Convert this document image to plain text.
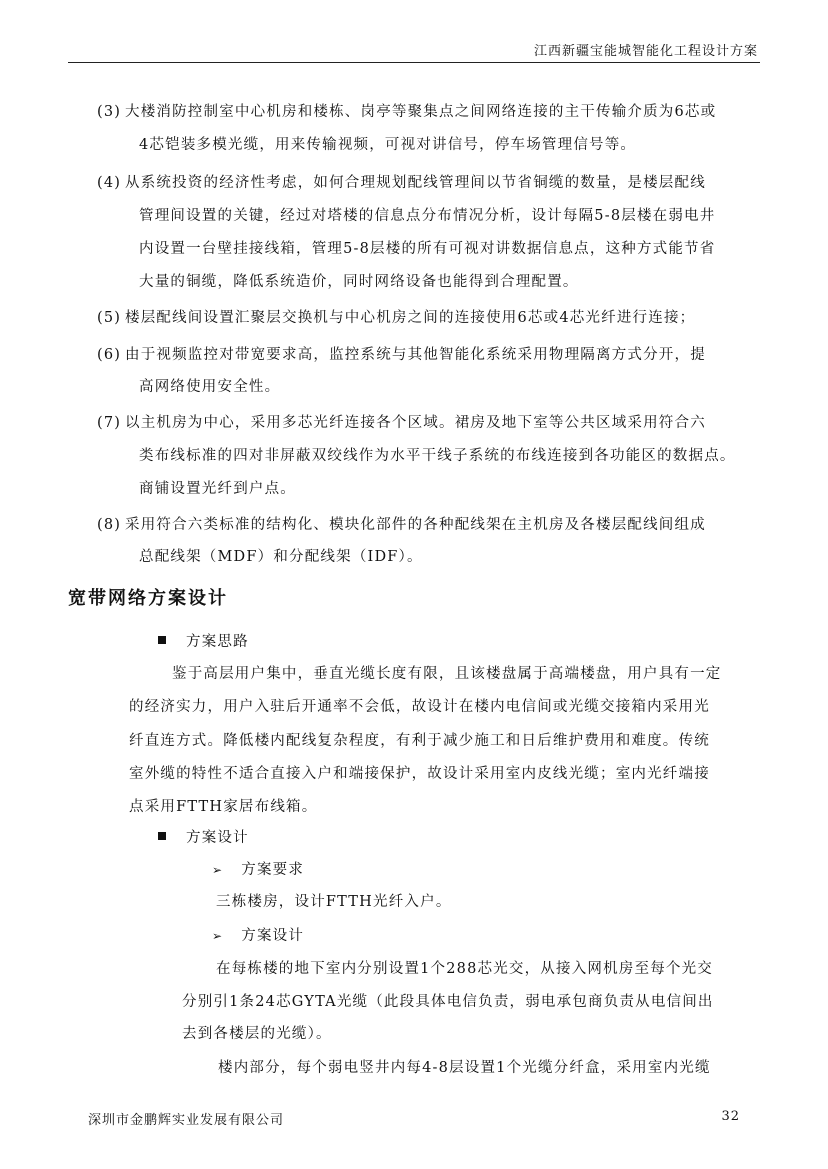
江西新疆宝能城智能化工程设计方案
(3) 大楼消防控制室中心机房和楼栋、岗亭等聚集点之间网络连接的主干传输介质为6芯或
4芯铠装多模光缆，用来传输视频，可视对讲信号，停车场管理信号等。
(4) 从系统投资的经济性考虑，如何合理规划配线管理间以节省铜缆的数量，是楼层配线
管理间设置的关键，经过对塔楼的信息点分布情况分析，设计每隔5-8层楼在弱电井
内设置一台壁挂接线箱，管理5-8层楼的所有可视对讲数据信息点，这种方式能节省
大量的铜缆，降低系统造价，同时网络设备也能得到合理配置。
(5) 楼层配线间设置汇聚层交换机与中心机房之间的连接使用6芯或4芯光纤进行连接；
(6) 由于视频监控对带宽要求高，监控系统与其他智能化系统采用物理隔离方式分开，提
高网络使用安全性。
(7) 以主机房为中心，采用多芯光纤连接各个区域。裙房及地下室等公共区域采用符合六
类布线标准的四对非屏蔽双绞线作为水平干线子系统的布线连接到各功能区的数据点。
商铺设置光纤到户点。
(8) 采用符合六类标准的结构化、模块化部件的各种配线架在主机房及各楼层配线间组成
总配线架（MDF）和分配线架（IDF）。
宽带网络方案设计
方案思路
鉴于高层用户集中，垂直光缆长度有限，且该楼盘属于高端楼盘，用户具有一定
的经济实力，用户入驻后开通率不会低，故设计在楼内电信间或光缆交接箱内采用光
纤直连方式。降低楼内配线复杂程度，有利于减少施工和日后维护费用和难度。传统
室外缆的特性不适合直接入户和端接保护，故设计采用室内皮线光缆；室内光纤端接
点采用FTTH家居布线箱。
方案设计
➢ 方案要求
三栋楼房，设计FTTH光纤入户。
➢ 方案设计
在每栋楼的地下室内分别设置1个288芯光交，从接入网机房至每个光交
分别引1条24芯GYTA光缆（此段具体电信负责，弱电承包商负责从电信间出
去到各楼层的光缆）。
楼内部分，每个弱电竖井内每4-8层设置1个光缆分纤盒，采用室内光缆
深圳市金鹏辉实业发展有限公司	32
